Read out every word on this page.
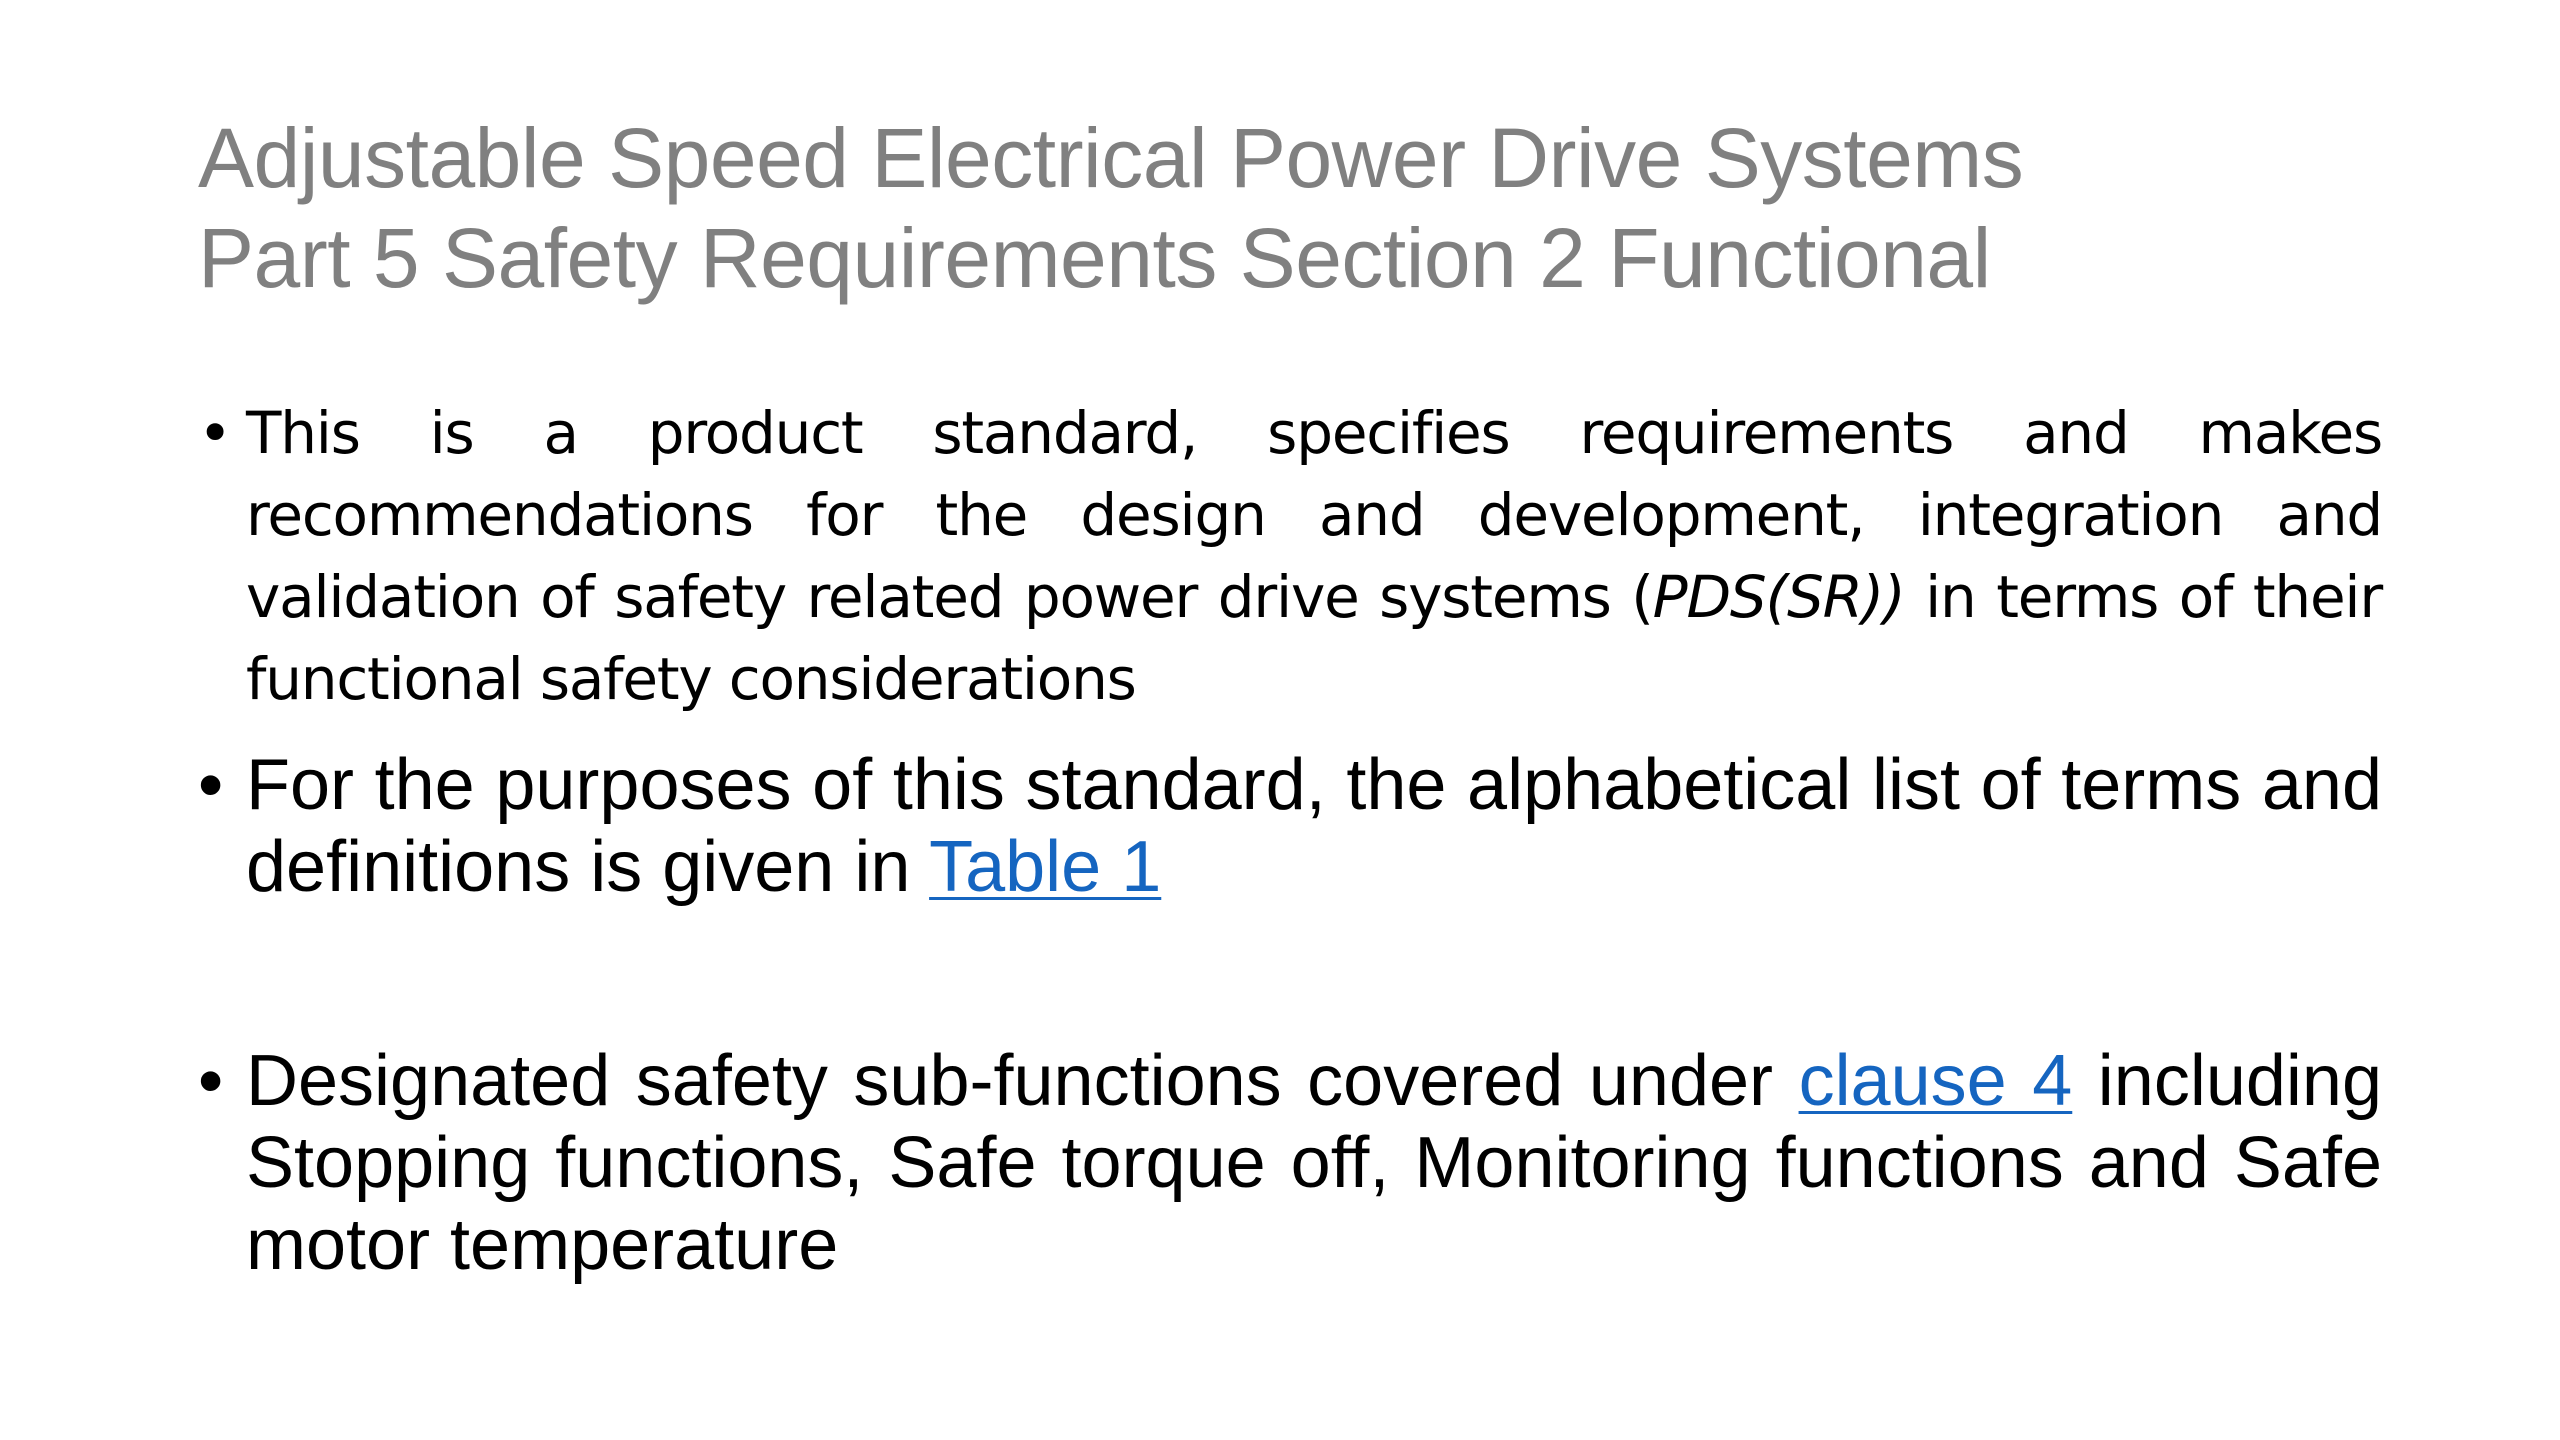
Adjustable Speed Electrical Power Drive Systems
Part 5 Safety Requirements Section 2 Functional
• This is a product standard, specifies requirements and makes recommendations for the design and development, integration and validation of safety related power drive systems (PDS(SR)) in terms of their functional safety considerations
• For the purposes of this standard, the alphabetical list of terms and definitions is given in Table 1
• Designated safety sub-functions covered under clause 4 including Stopping functions, Safe torque off, Monitoring functions and Safe motor temperature
